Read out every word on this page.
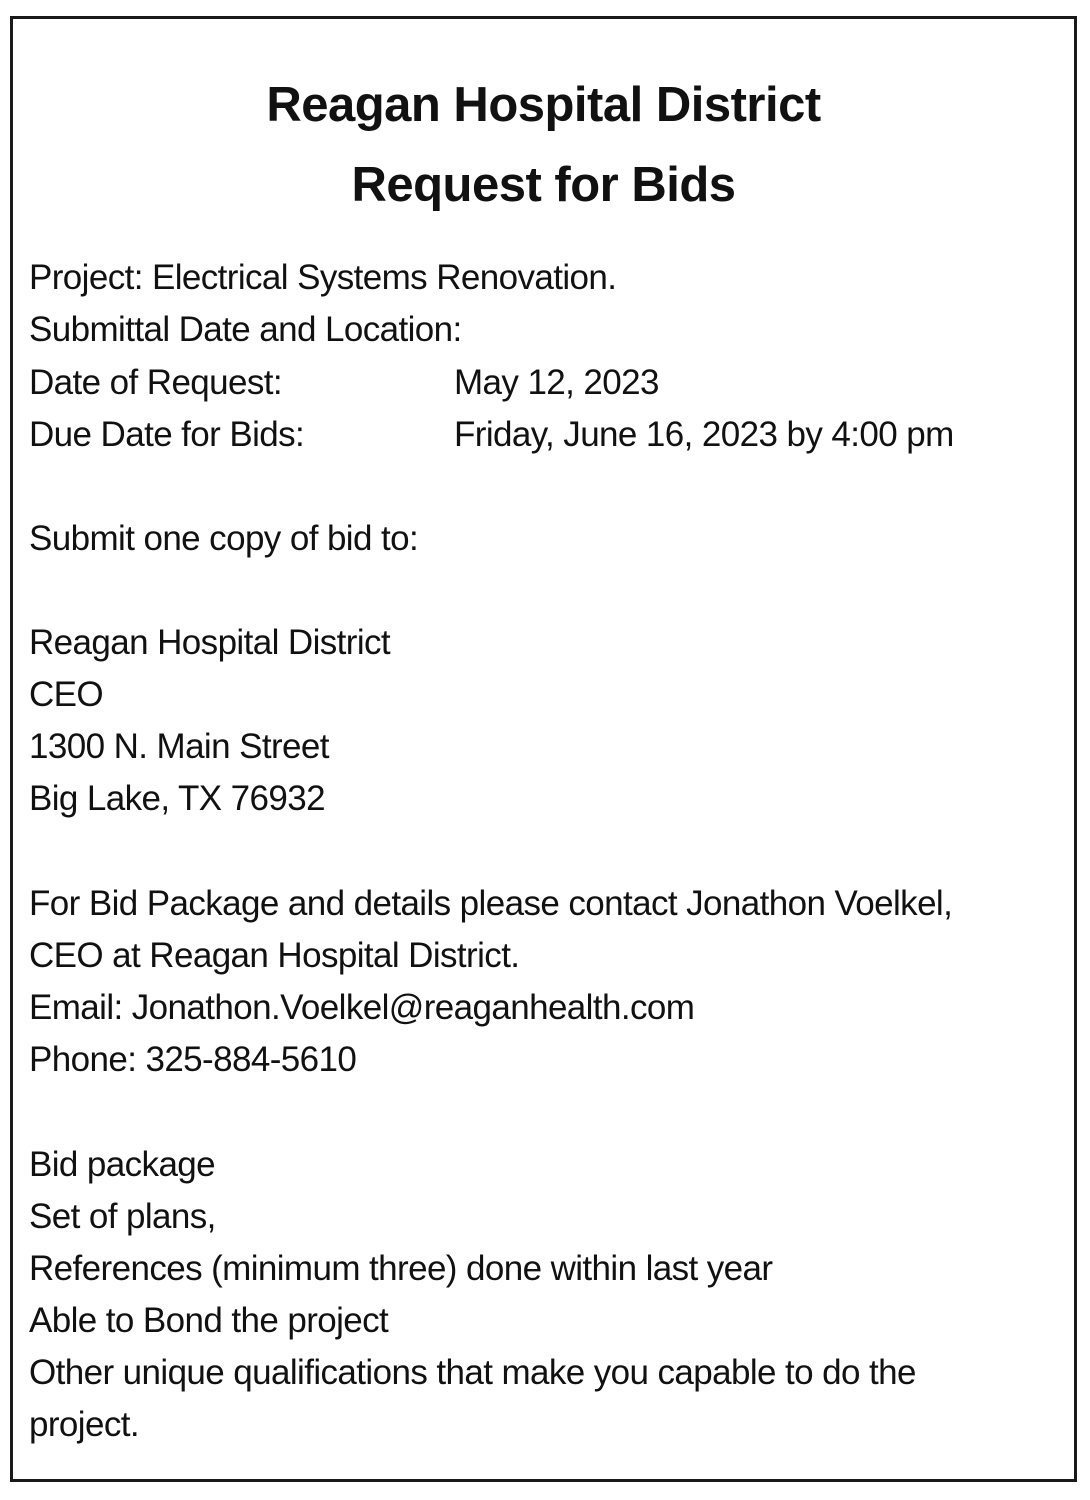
Reagan Hospital District
Request for Bids
Project: Electrical Systems Renovation.
Submittal Date and Location:
Date of Request:	May 12, 2023
Due Date for Bids:	Friday, June 16, 2023 by 4:00 pm
Submit one copy of bid to:
Reagan Hospital District
CEO
1300 N. Main Street
Big Lake, TX 76932
For Bid Package and details please contact Jonathon Voelkel,
CEO at Reagan Hospital District.
Email: Jonathon.Voelkel@reaganhealth.com
Phone: 325-884-5610
Bid package
Set of plans,
References (minimum three) done within last year
Able to Bond the project
Other unique qualifications that make you capable to do the
project.
